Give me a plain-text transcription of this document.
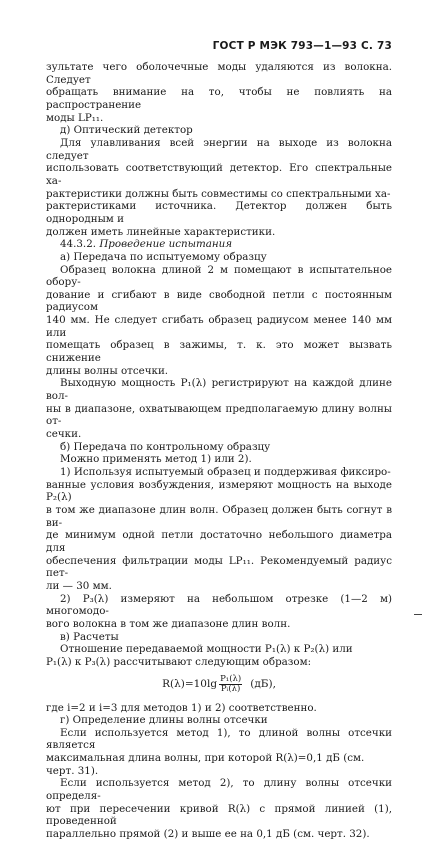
ГОСТ Р МЭК 793—1—93 С. 73

зультате чего оболочечные моды удаляются из волокна. Следует

обращать внимание на то, чтобы не повлиять на распространение

моды LP₁₁.

д) Оптический детектор

Для улавливания всей энергии на выходе из волокна следует

использовать соответствующий детектор. Его спектральные ха-

рактеристики должны быть совместимы со спектральными ха-

рактеристиками источника. Детектор должен быть однородным и

должен иметь линейные характеристики.

44.3.2. Проведение испытания

а) Передача по испытуемому образцу

Образец волокна длиной 2 м помещают в испытательное обору-

дование и сгибают в виде свободной петли с постоянным радиусом

140 мм. Не следует сгибать образец радиусом менее 140 мм или

помещать образец в зажимы, т. к. это может вызвать снижение

длины волны отсечки.

Выходную мощность P₁(λ) регистрируют на каждой длине вол-

ны в диапазоне, охватывающем предполагаемую длину волны от-

сечки.

б) Передача по контрольному образцу

Можно применять метод 1) или 2).

1) Используя испытуемый образец и поддерживая фиксиро-

ванные условия возбуждения, измеряют мощность на выходе P₂(λ)

в том же диапазоне длин волн. Образец должен быть согнут в ви-

де минимум одной петли достаточно небольшого диаметра для

обеспечения фильтрации моды LP₁₁. Рекомендуемый радиус пет-

ли — 30 мм.

2) P₃(λ) измеряют на небольшом отрезке (1—2 м) многомодо-

вого волокна в том же диапазоне длин волн.

в) Расчеты

Отношение передаваемой мощности P₁(λ) к P₂(λ) или

P₁(λ) к P₃(λ) рассчитывают следующим образом:

$R(\lambda)=10\lg \frac{\text{P₁(λ)}}{\text{Pᵢ(λ)}} (дБ)$,

где i=2 и i=3 для методов 1) и 2) соответственно.

г) Определение длины волны отсечки

Если используется метод 1), то длиной волны отсечки является

максимальная длина волны, при которой R(λ)=0,1 дБ (см.

черт. 31).

Если используется метод 2), то длину волны отсечки определя-

ют при пересечении кривой R(λ) с прямой линией (1), проведенной

параллельно прямой (2) и выше ее на 0,1 дБ (см. черт. 32).
